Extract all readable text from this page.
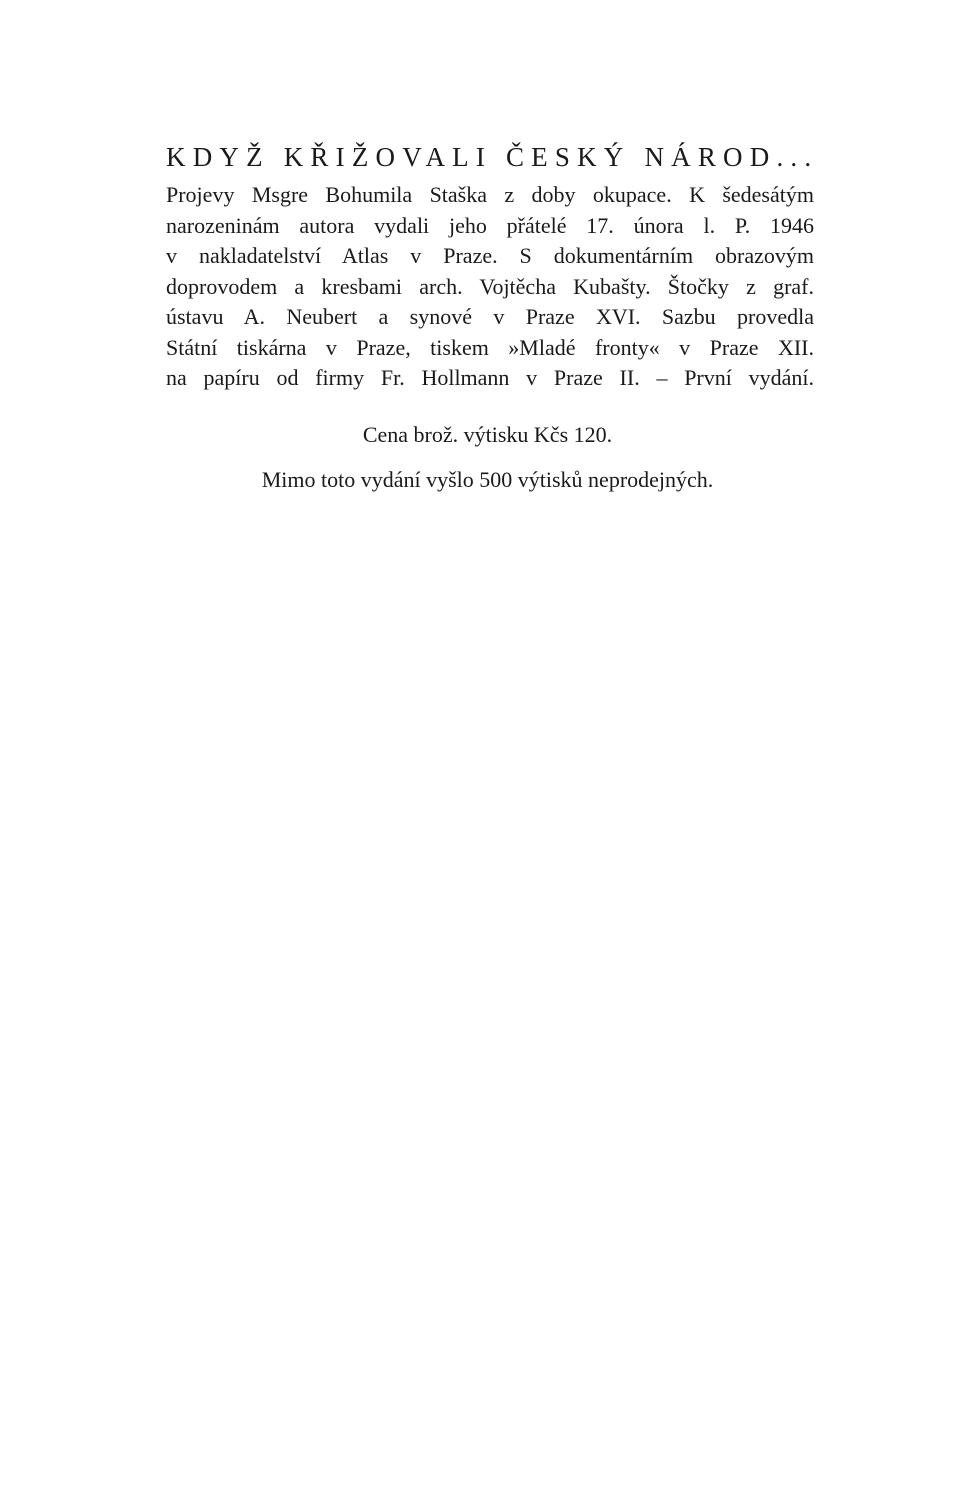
KDYŽ KŘIŽOVALI ČESKÝ NÁROD...

Projevy Msgre Bohumila Staška z doby okupace. K šedesátým
narozeninám autora vydali jeho přátelé 17. února l. P. 1946
v nakladatelství Atlas v Praze. S dokumentárním obrazovým
doprovodem a kresbami arch. Vojtěcha Kubašty. Štočky z graf.
ústavu A. Neubert a synové v Praze XVI. Sazbu provedla
Státní tiskárna v Praze, tiskem »Mladé fronty« v Praze XII.
na papíru od firmy Fr. Hollmann v Praze II. – První vydání.

Cena brož. výtisku Kčs 120.
Mimo toto vydání vyšlo 500 výtisků neprodejných.
